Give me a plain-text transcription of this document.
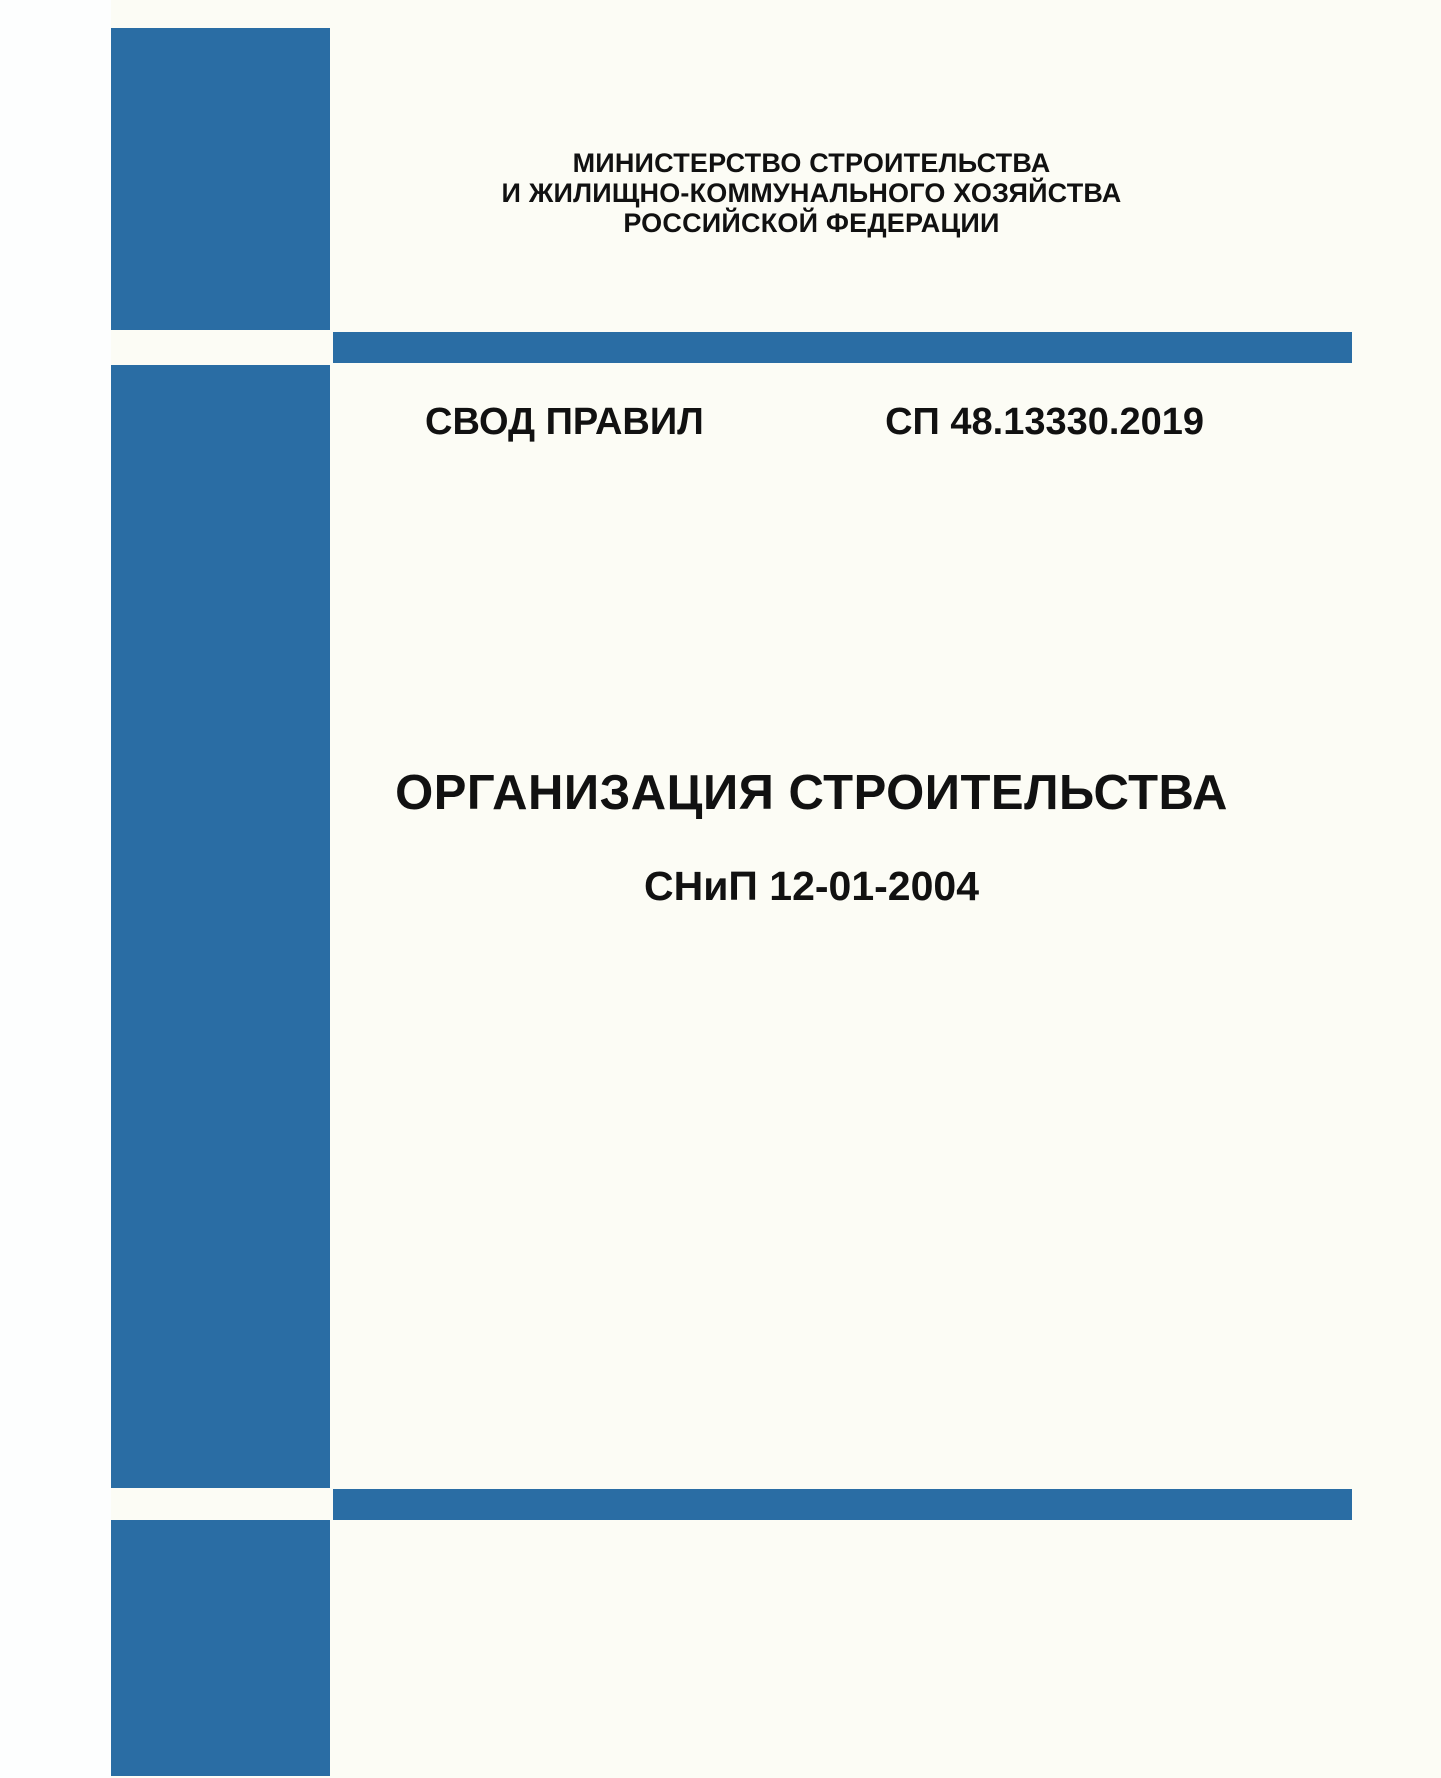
МИНИСТЕРСТВО СТРОИТЕЛЬСТВА
И ЖИЛИЩНО-КОММУНАЛЬНОГО ХОЗЯЙСТВА
РОССИЙСКОЙ ФЕДЕРАЦИИ
СВОД ПРАВИЛ	СП 48.13330.2019
ОРГАНИЗАЦИЯ СТРОИТЕЛЬСТВА
СНиП 12-01-2004
